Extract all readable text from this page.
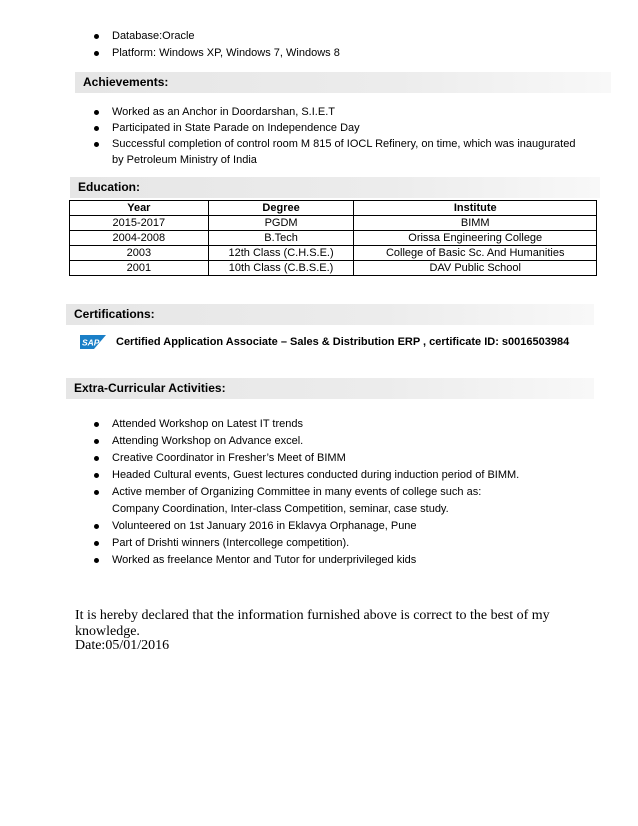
Database:Oracle
Platform: Windows XP, Windows 7, Windows 8
Achievements:
Worked as an Anchor in Doordarshan, S.I.E.T
Participated in State Parade on Independence Day
Successful completion of control room M 815 of IOCL Refinery, on time, which was inaugurated by Petroleum Ministry of India
Education:
Year	Degree	Institute
2015-2017	PGDM	BIMM
2004-2008	B.Tech	Orissa Engineering College
2003	12th Class (C.H.S.E.)	College of Basic Sc. And Humanities
2001	10th Class (C.B.S.E.)	DAV Public School
Certifications:
SAP Certified Application Associate – Sales & Distribution ERP , certificate ID: s0016503984
Extra-Curricular Activities:
Attended Workshop on Latest IT trends
Attending Workshop on Advance excel.
Creative Coordinator in Fresher’s Meet of BIMM
Headed Cultural events, Guest lectures conducted during induction period of BIMM.
Active member of Organizing Committee in many events of college such as: Company Coordination, Inter-class Competition, seminar, case study.
Volunteered on 1st January 2016 in Eklavya Orphanage, Pune
Part of Drishti winners (Intercollege competition).
Worked as freelance Mentor and Tutor for underprivileged kids
It is hereby declared that the information furnished above is correct to the best of my knowledge.
Date:05/01/2016
